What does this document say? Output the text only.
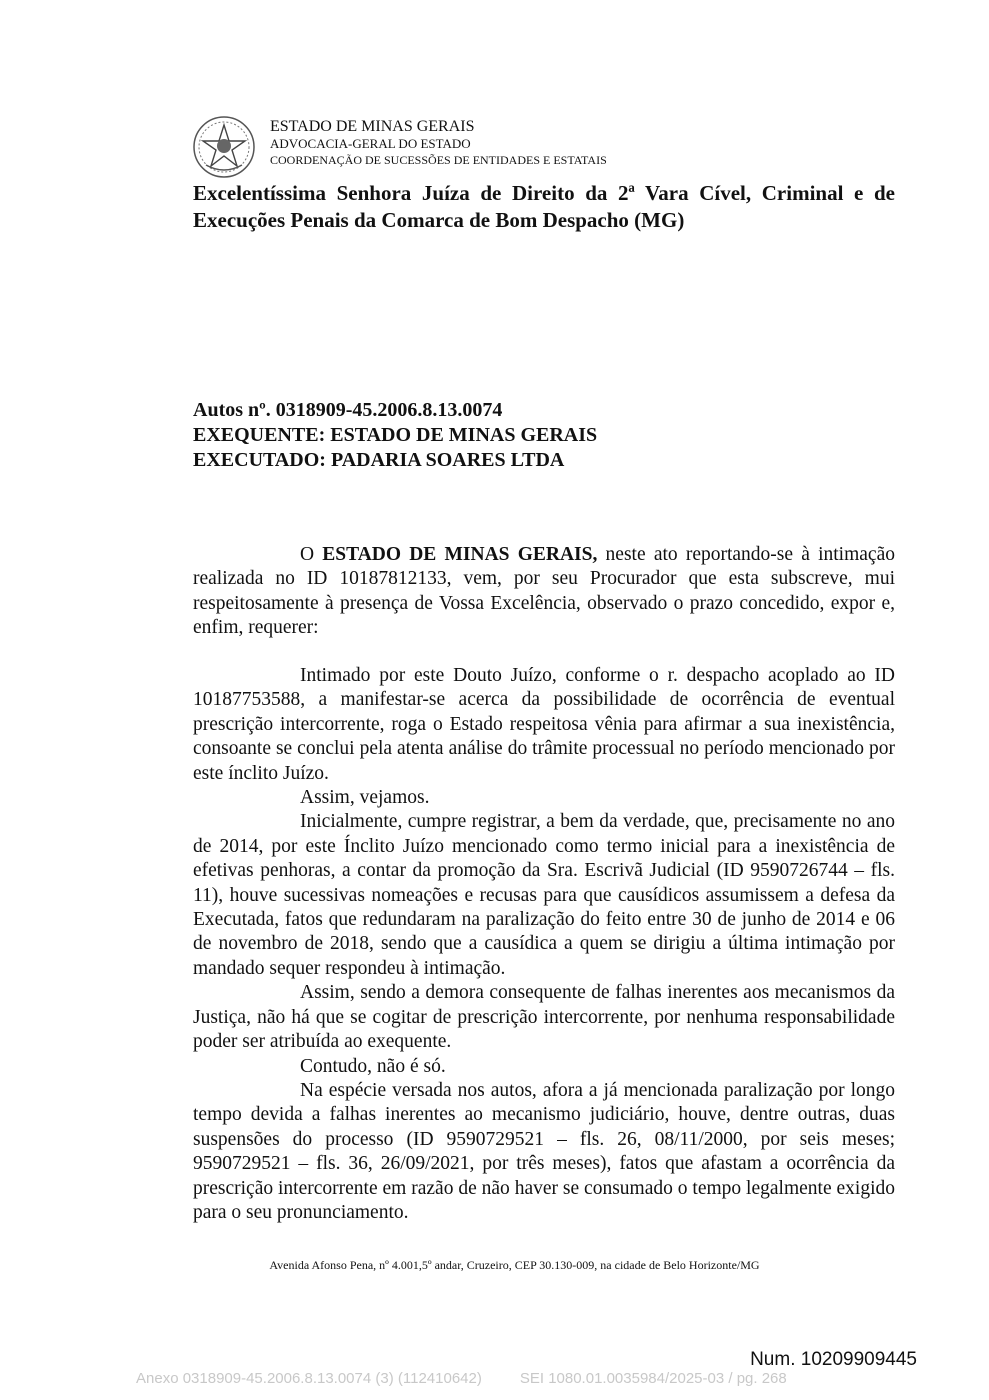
ESTADO DE MINAS GERAIS
ADVOCACIA-GERAL DO ESTADO
COORDENAÇÃO DE SUCESSÕES DE ENTIDADES E ESTATAIS
Excelentíssima Senhora Juíza de Direito da 2ª Vara Cível, Criminal e de
Execuções Penais da Comarca de Bom Despacho (MG)
Autos nº. 0318909-45.2006.8.13.0074
EXEQUENTE: ESTADO DE MINAS GERAIS
EXECUTADO: PADARIA SOARES LTDA

O ESTADO DE MINAS GERAIS, neste ato reportando-se à intimação realizada no ID 10187812133, vem, por seu Procurador que esta subscreve, mui respeitosamente à presença de Vossa Excelência, observado o prazo concedido, expor e, enfim, requerer:

Intimado por este Douto Juízo, conforme o r. despacho acoplado ao ID 10187753588, a manifestar-se acerca da possibilidade de ocorrência de eventual prescrição intercorrente, roga o Estado respeitosa vênia para afirmar a sua inexistência, consoante se conclui pela atenta análise do trâmite processual no período mencionado por este ínclito Juízo.

Assim, vejamos.

Inicialmente, cumpre registrar, a bem da verdade, que, precisamente no ano de 2014, por este Ínclito Juízo mencionado como termo inicial para a inexistência de efetivas penhoras, a contar da promoção da Sra. Escrivã Judicial (ID 9590726744 – fls. 11), houve sucessivas nomeações e recusas para que causídicos assumissem a defesa da Executada, fatos que redundaram na paralização do feito entre 30 de junho de 2014 e 06 de novembro de 2018, sendo que a causídica a quem se dirigiu a última intimação por mandado sequer respondeu à intimação.

Assim, sendo a demora consequente de falhas inerentes aos mecanismos da Justiça, não há que se cogitar de prescrição intercorrente, por nenhuma responsabilidade poder ser atribuída ao exequente.

Contudo, não é só.

Na espécie versada nos autos, afora a já mencionada paralização por longo tempo devida a falhas inerentes ao mecanismo judiciário, houve, dentre outras, duas suspensões do processo (ID 9590729521 – fls. 26, 08/11/2000, por seis meses; 9590729521 – fls. 36, 26/09/2021, por três meses), fatos que afastam a ocorrência da prescrição intercorrente em razão de não haver se consumado o tempo legalmente exigido para o seu pronunciamento.

Avenida Afonso Pena, nº 4.001,5º andar, Cruzeiro, CEP 30.130-009, na cidade de Belo Horizonte/MG
Num. 10209909445
Anexo 0318909-45.2006.8.13.0074 (3) (112410642)	SEI 1080.01.0035984/2025-03 / pg. 268
